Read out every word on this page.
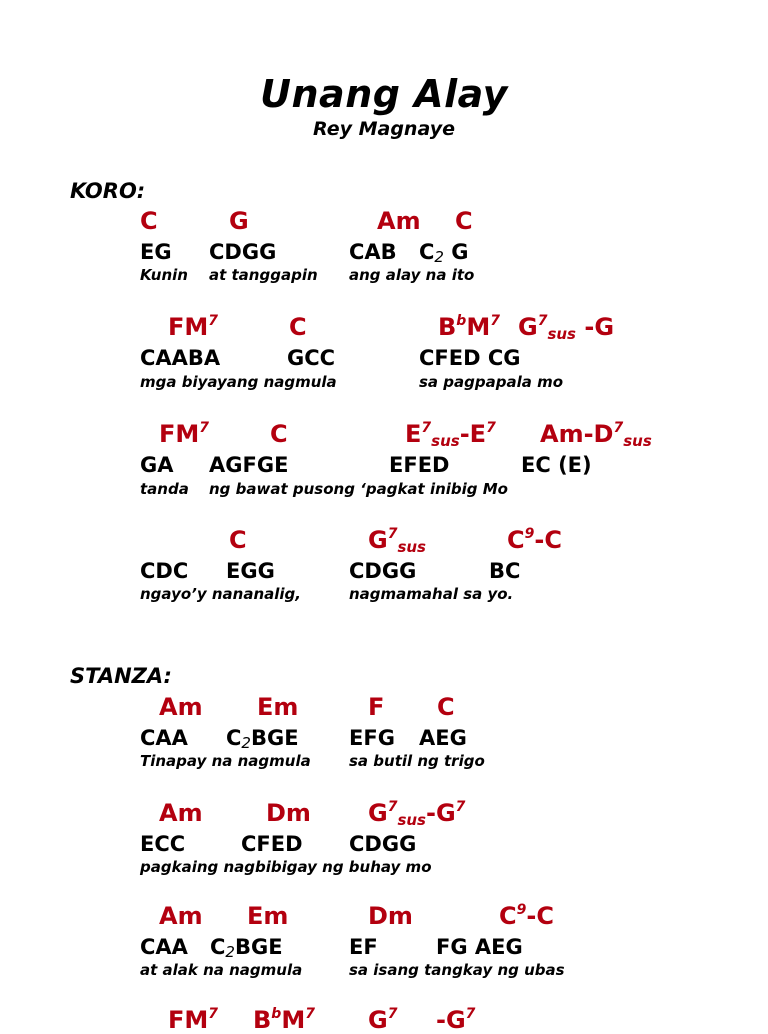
Unang Alay
Rey Magnaye
KORO:
C	G	Am C
EG CDGG	CAB $C_2$ G
Kunin at tanggapin ang alay na ito
$FM^7$	C	$B^bM^7$ $G^7_{sus}$ -G
CAABA	GCC	CFED CG
mga biyayang nagmula	sa pagpapala mo
$FM^7$	C	$E^7_{sus}-E^7$ $Am-D^7_{sus}$
GA AGFGE	EFED	EC (E)
tanda ng bawat pusong ‘pagkat inibig Mo
C	$G^7_{sus}$	$C^9-C$
CDC EGG	CDGG	BC
ngayo’y nananalig,	nagmamahal sa yo.
STANZA:
Am Em	F C
CAA $C_2BGE$ EFG AEG
Tinapay na nagmula	sa butil ng trigo
Am	Dm $G^7_{sus}-G^7$
ECC	CFED CDGG
pagkaing nagbibigay ng buhay mo
Am Em	Dm	$C^9-C$
CAA $C_2BGE$	EF	FG AEG
at alak na nagmula	sa isang tangkay ng ubas
$FM^7$ $B^bM^7$ $G^7$ $-G^7$
